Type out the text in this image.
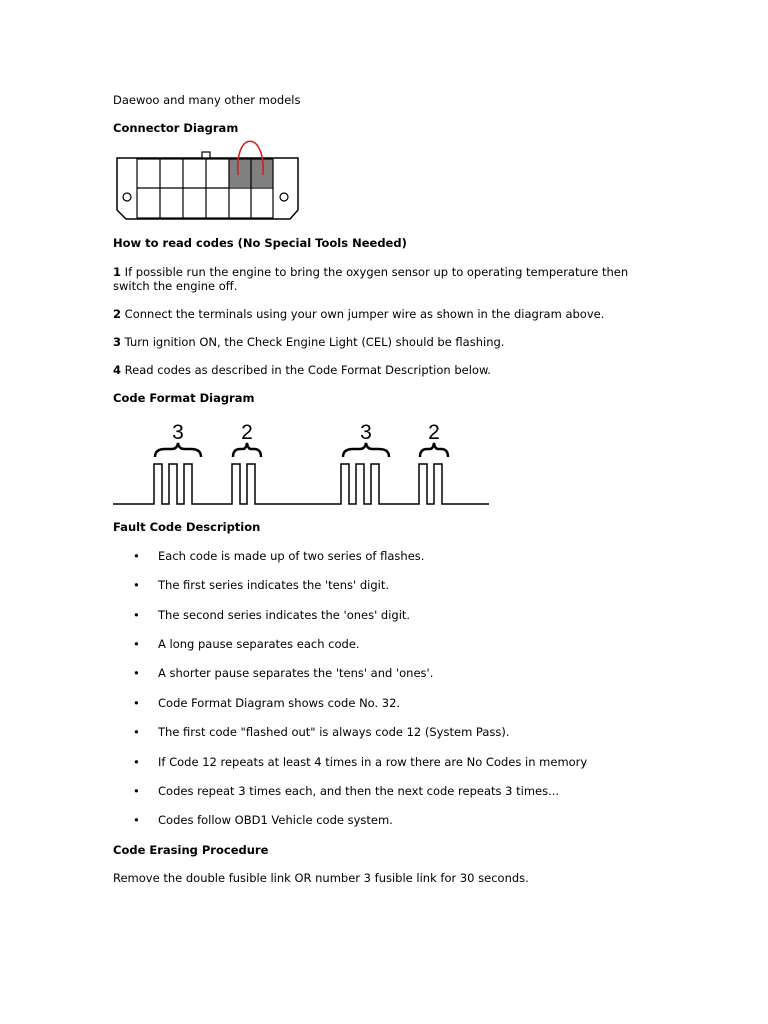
Daewoo and many other models
Connector Diagram
How to read codes (No Special Tools Needed)
1 If possible run the engine to bring the oxygen sensor up to operating temperature then switch the engine off.
2 Connect the terminals using your own jumper wire as shown in the diagram above.
3 Turn ignition ON, the Check Engine Light (CEL) should be flashing.
4 Read codes as described in the Code Format Description below.
Code Format Diagram
3	2	3	2
Fault Code Description
• Each code is made up of two series of flashes.
• The first series indicates the 'tens' digit.
• The second series indicates the 'ones' digit.
• A long pause separates each code.
• A shorter pause separates the 'tens' and 'ones'.
• Code Format Diagram shows code No. 32.
• The first code "flashed out" is always code 12 (System Pass).
• If Code 12 repeats at least 4 times in a row there are No Codes in memory
• Codes repeat 3 times each, and then the next code repeats 3 times...
• Codes follow OBD1 Vehicle code system.
Code Erasing Procedure
Remove the double fusible link OR number 3 fusible link for 30 seconds.
